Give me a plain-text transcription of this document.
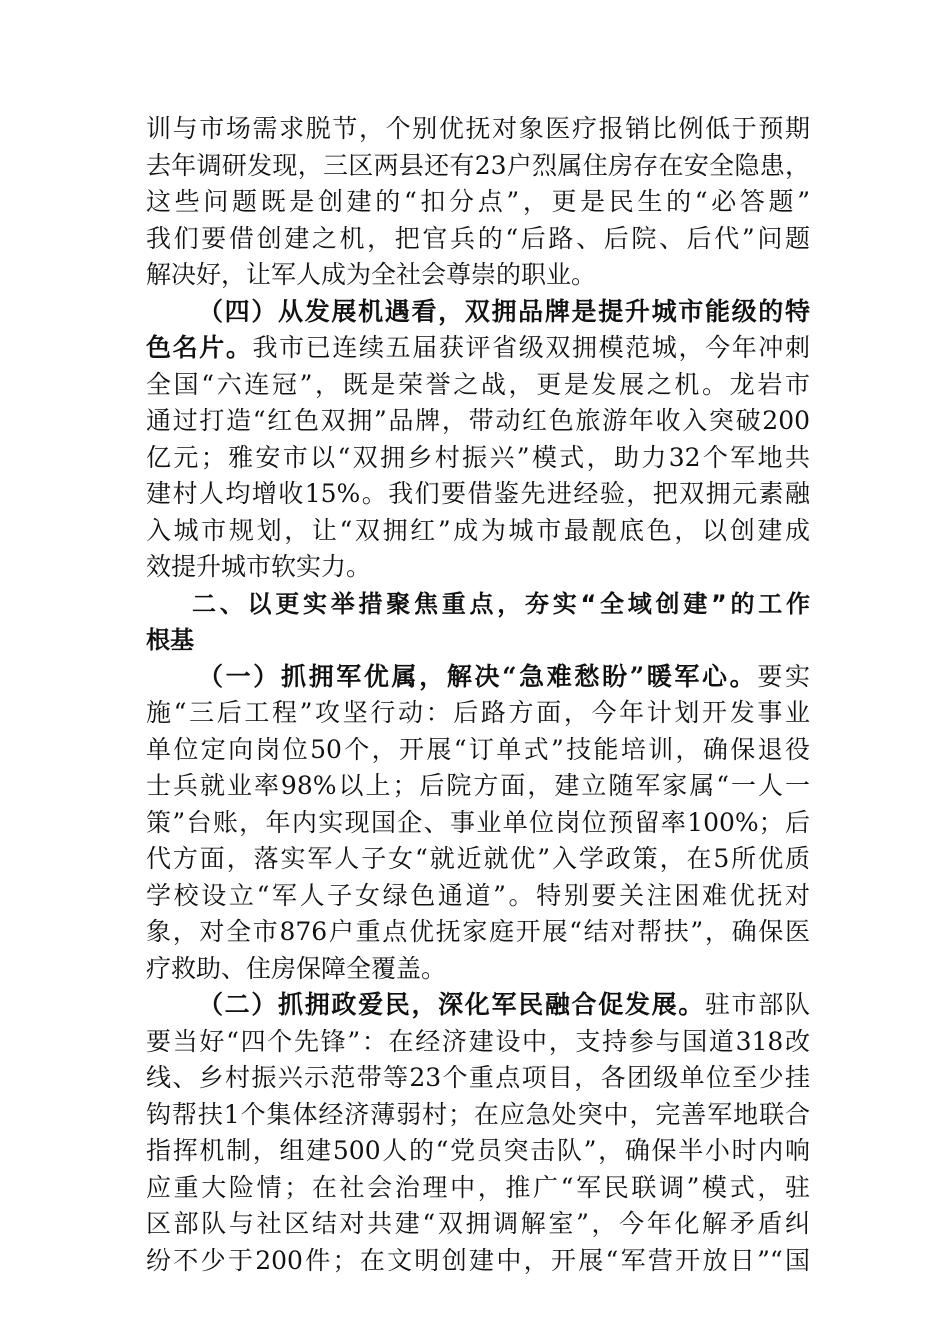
训与市场需求脱节，个别优抚对象医疗报销比例低于预期
去年调研发现，三区两县还有23户烈属住房存在安全隐患，
这些问题既是创建的“扣分点”，更是民生的“必答题”
我们要借创建之机，把官兵的“后路、后院、后代”问题
解决好，让军人成为全社会尊崇的职业。
（四）从发展机遇看，双拥品牌是提升城市能级的特
色名片。我市已连续五届获评省级双拥模范城，今年冲刺
全国“六连冠”，既是荣誉之战，更是发展之机。龙岩市
通过打造“红色双拥”品牌，带动红色旅游年收入突破200
亿元；雅安市以“双拥乡村振兴”模式，助力32个军地共
建村人均增收15%。我们要借鉴先进经验，把双拥元素融
入城市规划，让“双拥红”成为城市最靓底色，以创建成
效提升城市软实力。
二、以更实举措聚焦重点，夯实“全域创建”的工作
根基
（一）抓拥军优属，解决“急难愁盼”暖军心。要实
施“三后工程”攻坚行动：后路方面，今年计划开发事业
单位定向岗位50个，开展“订单式”技能培训，确保退役
士兵就业率98%以上；后院方面，建立随军家属“一人一
策”台账，年内实现国企、事业单位岗位预留率100%；后
代方面，落实军人子女“就近就优”入学政策，在5所优质
学校设立“军人子女绿色通道”。特别要关注困难优抚对
象，对全市876户重点优抚家庭开展“结对帮扶”，确保医
疗救助、住房保障全覆盖。
（二）抓拥政爱民，深化军民融合促发展。驻市部队
要当好“四个先锋”：在经济建设中，支持参与国道318改
线、乡村振兴示范带等23个重点项目，各团级单位至少挂
钩帮扶1个集体经济薄弱村；在应急处突中，完善军地联合
指挥机制，组建500人的“党员突击队”，确保半小时内响
应重大险情；在社会治理中，推广“军民联调”模式，驻
区部队与社区结对共建“双拥调解室”，今年化解矛盾纠
纷不少于200件；在文明创建中，开展“军营开放日”“国
